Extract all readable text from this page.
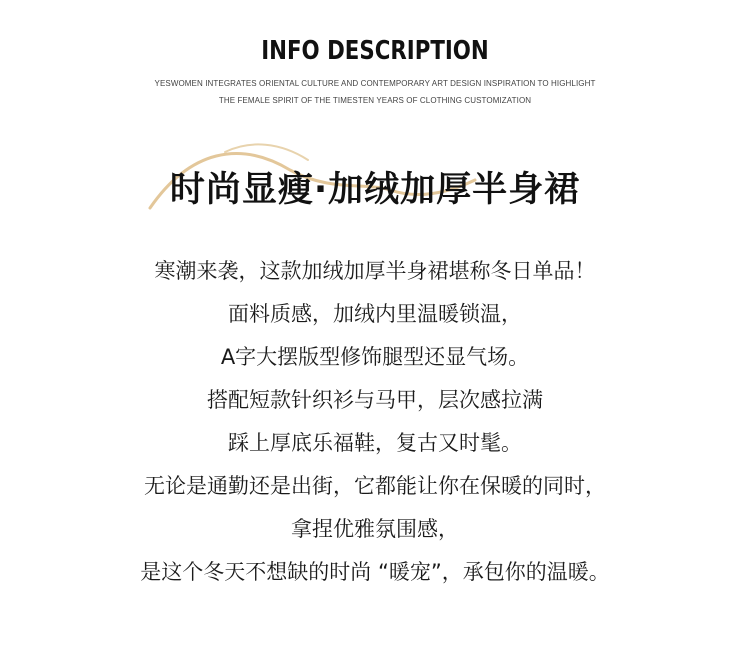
INFO DESCRIPTION
YESWOMEN INTEGRATES ORIENTAL CULTURE AND CONTEMPORARY ART DESIGN INSPIRATION TO HIGHLIGHT
THE FEMALE SPIRIT OF THE TIMESTEN YEARS OF CLOTHING CUSTOMIZATION
时尚显瘦·加绒加厚半身裙
寒潮来袭，这款加绒加厚半身裙堪称冬日单品！
面料质感，加绒内里温暖锁温，
A字大摆版型修饰腿型还显气场。
搭配短款针织衫与马甲，层次感拉满
踩上厚底乐福鞋，复古又时髦。
无论是通勤还是出街，它都能让你在保暖的同时，
拿捏优雅氛围感，
是这个冬天不想缺的时尚 “暖宠”，承包你的温暖。
